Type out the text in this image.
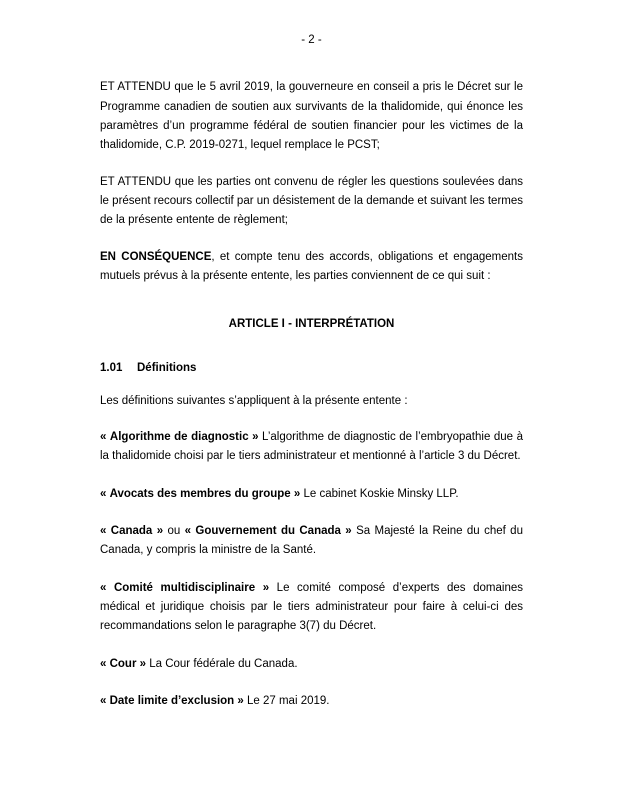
- 2 -

ET ATTENDU que le 5 avril 2019, la gouverneure en conseil a pris le Décret sur le Programme canadien de soutien aux survivants de la thalidomide, qui énonce les paramètres d’un programme fédéral de soutien financier pour les victimes de la thalidomide, C.P. 2019-0271, lequel remplace le PCST;

ET ATTENDU que les parties ont convenu de régler les questions soulevées dans le présent recours collectif par un désistement de la demande et suivant les termes de la présente entente de règlement;

EN CONSÉQUENCE, et compte tenu des accords, obligations et engagements mutuels prévus à la présente entente, les parties conviennent de ce qui suit :

ARTICLE I - INTERPRÉTATION

1.01 Définitions

Les définitions suivantes s’appliquent à la présente entente :

« Algorithme de diagnostic » L’algorithme de diagnostic de l’embryopathie due à la thalidomide choisi par le tiers administrateur et mentionné à l’article 3 du Décret.

« Avocats des membres du groupe » Le cabinet Koskie Minsky LLP.

« Canada » ou « Gouvernement du Canada » Sa Majesté la Reine du chef du Canada, y compris la ministre de la Santé.

« Comité multidisciplinaire » Le comité composé d’experts des domaines médical et juridique choisis par le tiers administrateur pour faire à celui-ci des recommandations selon le paragraphe 3(7) du Décret.

« Cour » La Cour fédérale du Canada.

« Date limite d’exclusion » Le 27 mai 2019.
